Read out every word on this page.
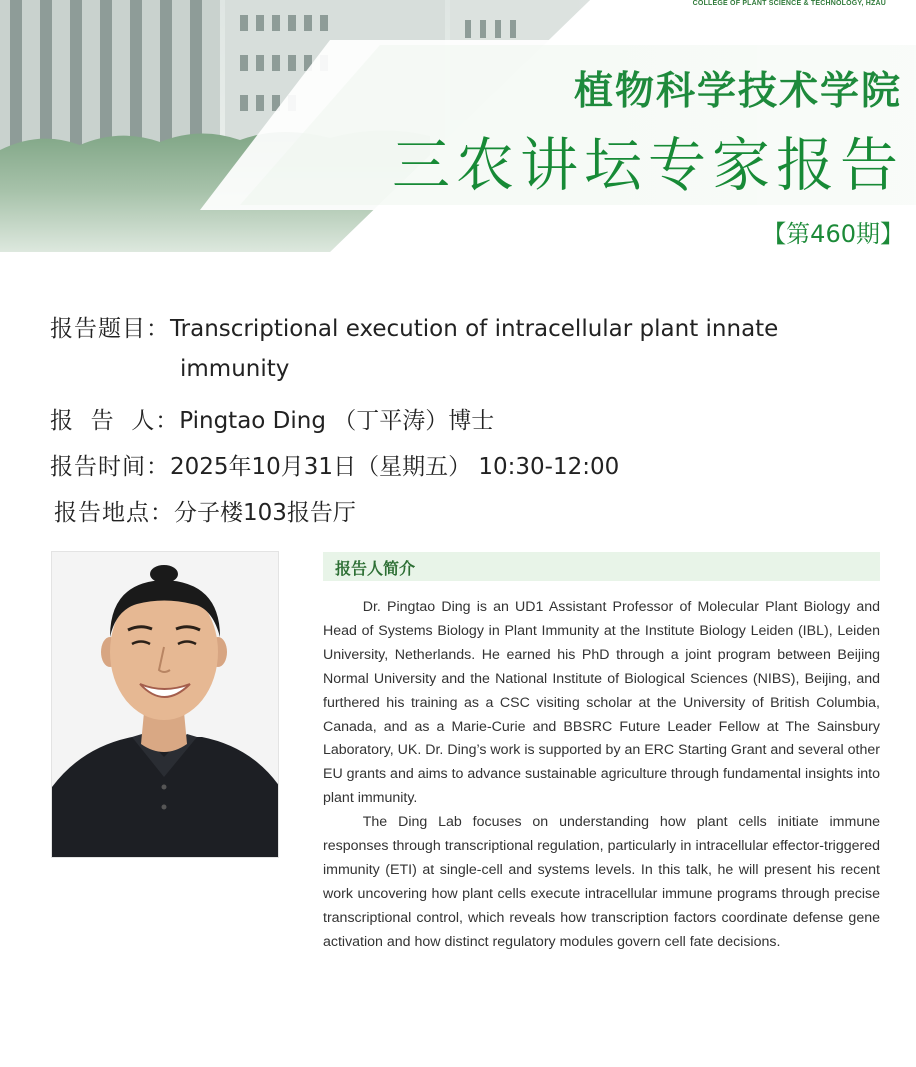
COLLEGE OF PLANT SCIENCE & TECHNOLOGY, HZAU
植物科学技术学院
三农讲坛专家报告
【第460期】
报告题目：Transcriptional execution of intracellular plant innate
immunity
报  告  人：Pingtao Ding （丁平涛）博士
报告时间：2025年10月31日（星期五） 10:30-12:00
报告地点：分子楼103报告厅
报告人简介

Dr. Pingtao Ding is an UD1 Assistant Professor of Molecular Plant Biology and Head of Systems Biology in Plant Immunity at the Institute Biology Leiden (IBL), Leiden University, Netherlands. He earned his PhD through a joint program between Beijing Normal University and the National Institute of Biological Sciences (NIBS), Beijing, and furthered his training as a CSC visiting scholar at the University of British Columbia, Canada, and as a Marie-Curie and BBSRC Future Leader Fellow at The Sainsbury Laboratory, UK. Dr. Ding’s work is supported by an ERC Starting Grant and several other EU grants and aims to advance sustainable agriculture through fundamental insights into plant immunity.

The Ding Lab focuses on understanding how plant cells initiate immune responses through transcriptional regulation, particularly in intracellular effector-triggered immunity (ETI) at single-cell and systems levels. In this talk, he will present his recent work uncovering how plant cells execute intracellular immune programs through precise transcriptional control, which reveals how transcription factors coordinate defense gene activation and how distinct regulatory modules govern cell fate decisions.
